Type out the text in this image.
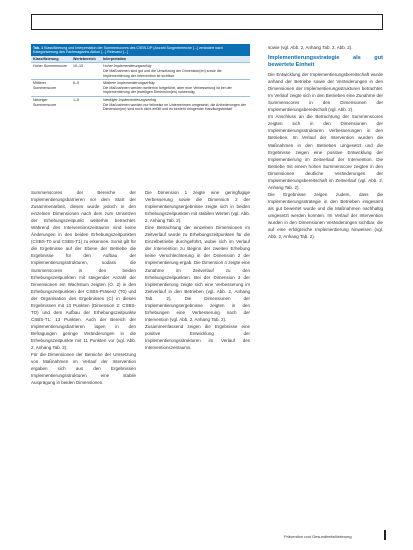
Tab. 1 Klassifizierung und Interpretation der Summenscores des CSBS-DP (Anzahl Sorgenbereiche [...] verändert nach Kategorisierung des Fachmagazins Aktion [...] Relevanz [...]
Klassifizierung	Wertebereich	Interpretation
Hoher Summenscore	10–15	Hoher Implementierungserfolg
Die Maßnahmen sind gut und die Umsetzung der Dimension(en) sowie die Implementierung der Intervention ist sichtbar

Mittlerer Summenscore	6–9	Mittlerer Implementierungserfolg
Die Maßnahmen werden weiterhin fortgeführt, aber eine Verbesserung ist bei der Implementierung der jeweiligen Dimension(en) notwendig

Niedriger Summenscore	1–5	Niedriger Implementierungserfolg
Die Maßnahmen wurden nur teilweise im Unternehmen umgesetzt, die Anforderungen der Dimension(en) sind noch nicht erfüllt und es besteht dringender Handlungsbedarf

Summenscores der Bereiche der Implementierungsbarrieren vor dem Start der Zusammenarbeit, dieses wurde jedoch in den einzelnen Dimensionen nach dem zum Umsetzen der Erhebungszeitpunkt weiterhin betrachtet. Während des Interventionszeitraums sind keine Änderungen in den beiden Erhebungszeitpunkten (CSBS-T0 und CSBS-T1) zu erkennen. Somit gilt für die Ergebnisse auf der Ebene der Betriebe die Ergebnisse für den Aufbau der Implementierungsstrukturen, sodass die Summenscores in den beiden Erhebungszeitpunkten mit steigender Anzahl der Dimensionen ein Wachstum zeigten (O. 2) in den Erhebungszeitpunkten der CSBS-Präsenz (T0) und der Organisation des Ergebnisses (C) in diesen Ergebnissen mit 13 Punkten (Dimension 2: CSBS-TO) und dem Aufbau der Erhebungszeitpunkte CSBS-T1: 13 Punkten. Auch der Bereich der Implementierungsbarrieren lagen in den Befragungen geringe Veränderungen in die Erhebungszeitpunkte mit 11 Punkten vor (vgl. Abb. 2, Anhang Tab. 2).

Für die Dimensionen der Bereiche der Umsetzung von Maßnahmen im Verlauf der Intervention ergaben sich aus den Ergebnissen Implementierungsstrukturen eine stabile Ausprägung in beiden Dimensionen.

Die Dimension 1 zeigte eine geringfügige Verbesserung sowie die Dimension 2 der Implementierungsergebnisse zeigte sich in beiden Erhebungszeitpunkten mit stabilen Werten (vgl. Abb. 2, Anhang Tab. 2).

Eine Betrachtung der einzelnen Dimensionen im Zeitverlauf wurde zu Erhebungszeitpunkten für die Einzelbetriebe durchgeführt, wobei sich im Verlauf der Intervention zu Beginn der zweiten Erhebung keine Verschlechterung in der Dimension 2 der Implementierung ergab. Die Dimension 4 zeigte eine Zunahme im Zeitverlauf zu den Erhebungszeitpunkten. Bei der Dimension 3 der Implementierung zeigte sich eine Verbesserung im Zeitverlauf in den Betrieben (vgl. Abb. 2, Anhang Tab. 2). Die Dimensionen der Implementierungsergebnisse zeigten in den Erhebungen eine Verbesserung nach der Intervention (vgl. Abb. 2, Anhang Tab. 2).

Zusammenfassend zeigen die Ergebnisse eine positive Entwicklung der Implementierungsstrukturen im Verlauf des Interventionszeitraums.

sowie (vgl. Abb. 2, Anhang Tab. 2, Abb. 2).

Implementierungsstrategie als gut bewertete Einheit

Die Entwicklung der Implementierungsbereitschaft wurde anhand der Betriebe sowie der Veränderungen in den Dimensionen der Implementierungsstrukturen betrachtet. Im Verlauf zeigte sich in den Betrieben eine Zunahme der Summenscores in den Dimensionen der Implementierungsbereitschaft (vgl. Abb. 2).

Im Anschluss an die Betrachtung der Summenscores zeigten sich in den Dimensionen der Implementierungsstrukturen Verbesserungen in den Betrieben. Im Verlauf der Intervention wurden die Maßnahmen in den Betrieben umgesetzt und die Ergebnisse zeigen eine positive Entwicklung der Implementierung im Zeitverlauf der Intervention. Die Betriebe mit einem hohen Summenscore zeigten in den Dimensionen deutliche Veränderungen der Implementierungsbereitschaft im Zeitverlauf (vgl. Abb. 2, Anhang Tab. 2).

Die Ergebnisse zeigen zudem, dass die Implementierungsstrategie in den Betrieben insgesamt als gut bewertet wurde und die Maßnahmen nachhaltig umgesetzt werden konnten. Im Verlauf der Intervention wurden in den Dimensionen Veränderungen sichtbar, die auf eine erfolgreiche Implementierung hinweisen (vgl. Abb. 2, Anhang Tab. 2).

Prävention und Gesundheitsförderung
